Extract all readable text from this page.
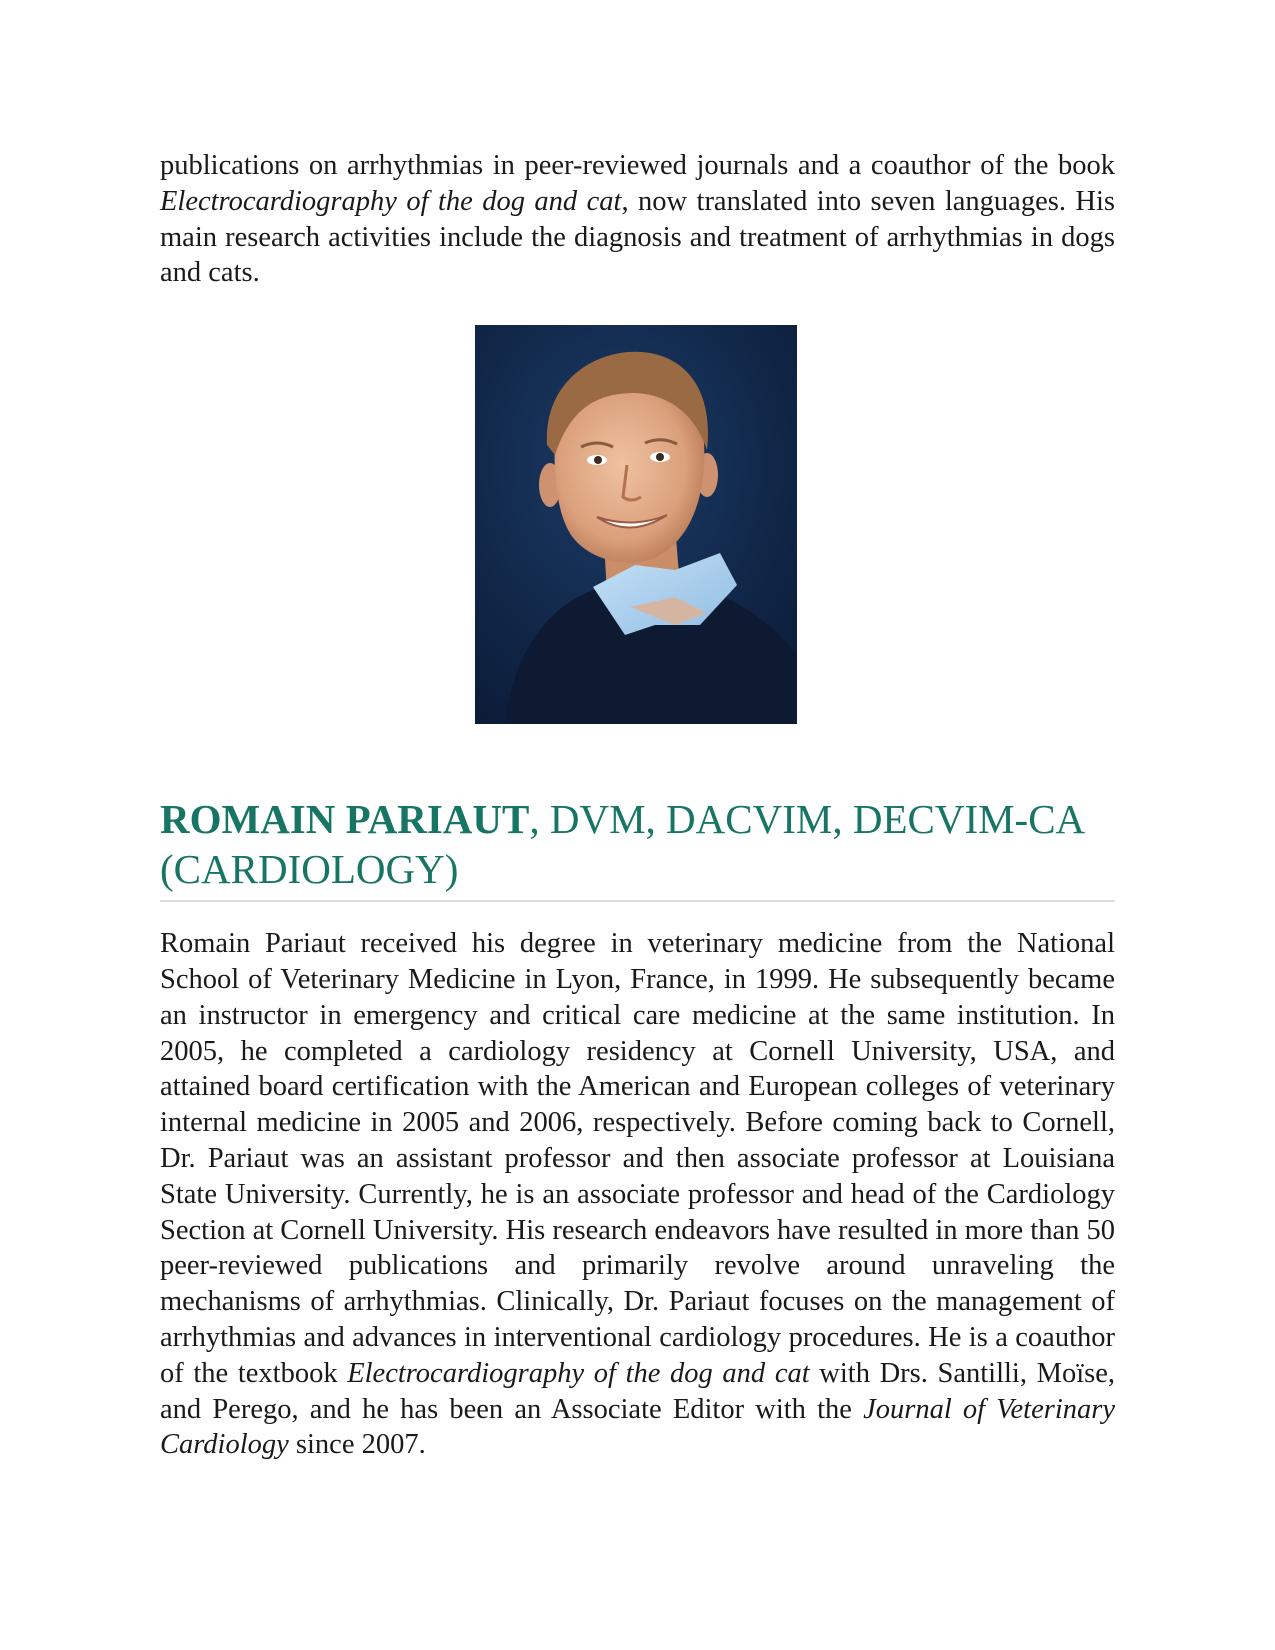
publications on arrhythmias in peer-reviewed journals and a coauthor of the book Electrocardiography of the dog and cat, now translated into seven languages. His main research activities include the diagnosis and treatment of arrhythmias in dogs and cats.

ROMAIN PARIAUT, DVM, DACVIM, DECVIM-CA (CARDIOLOGY)

Romain Pariaut received his degree in veterinary medicine from the National School of Veterinary Medicine in Lyon, France, in 1999. He subsequently became an instructor in emergency and critical care medicine at the same institution. In 2005, he completed a cardiology residency at Cornell University, USA, and attained board certification with the American and European colleges of veterinary internal medicine in 2005 and 2006, respectively. Before coming back to Cornell, Dr. Pariaut was an assistant professor and then associate professor at Louisiana State University. Currently, he is an associate professor and head of the Cardiology Section at Cornell University. His research endeavors have resulted in more than 50 peer-reviewed publications and primarily revolve around unraveling the mechanisms of arrhythmias. Clinically, Dr. Pariaut focuses on the management of arrhythmias and advances in interventional cardiology procedures. He is a coauthor of the textbook Electrocardiography of the dog and cat with Drs. Santilli, Moïse, and Perego, and he has been an Associate Editor with the Journal of Veterinary Cardiology since 2007.
